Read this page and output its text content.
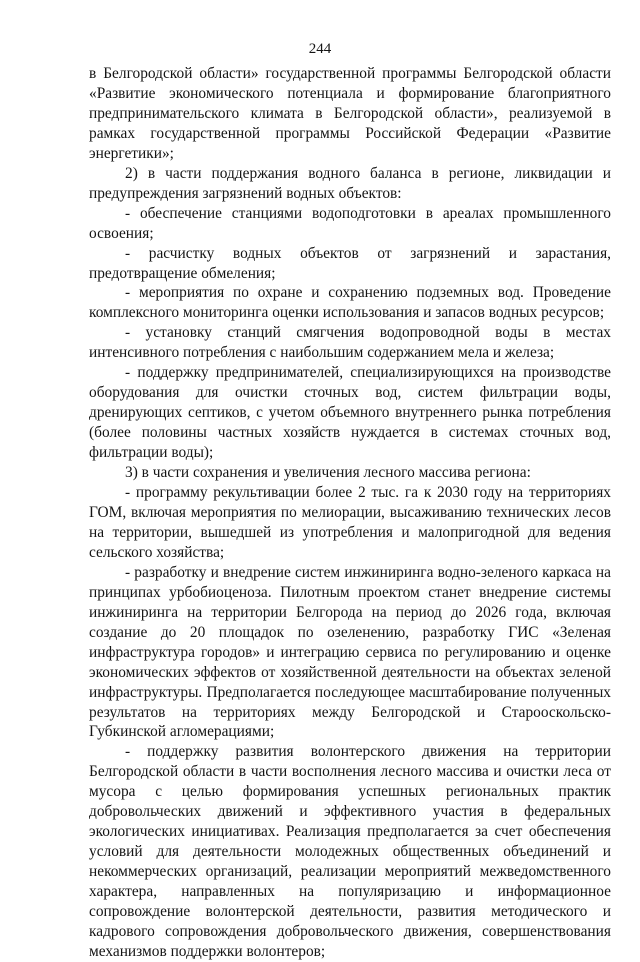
244

в Белгородской области» государственной программы Белгородской области «Развитие экономического потенциала и формирование благоприятного предпринимательского климата в Белгородской области», реализуемой в рамках государственной программы Российской Федерации «Развитие энергетики»;

2) в части поддержания водного баланса в регионе, ликвидации и предупреждения загрязнений водных объектов:

- обеспечение станциями водоподготовки в ареалах промышленного освоения;

- расчистку водных объектов от загрязнений и зарастания, предотвращение обмеления;

- мероприятия по охране и сохранению подземных вод. Проведение комплексного мониторинга оценки использования и запасов водных ресурсов;

- установку станций смягчения водопроводной воды в местах интенсивного потребления с наибольшим содержанием мела и железа;

- поддержку предпринимателей, специализирующихся на производстве оборудования для очистки сточных вод, систем фильтрации воды, дренирующих септиков, с учетом объемного внутреннего рынка потребления (более половины частных хозяйств нуждается в системах сточных вод, фильтрации воды);

3) в части сохранения и увеличения лесного массива региона:

- программу рекультивации более 2 тыс. га к 2030 году на территориях ГОМ, включая мероприятия по мелиорации, высаживанию технических лесов на территории, вышедшей из употребления и малопригодной для ведения сельского хозяйства;

- разработку и внедрение систем инжиниринга водно-зеленого каркаса на принципах урбобиоценоза. Пилотным проектом станет внедрение системы инжиниринга на территории Белгорода на период до 2026 года, включая создание до 20 площадок по озеленению, разработку ГИС «Зеленая инфраструктура городов» и интеграцию сервиса по регулированию и оценке экономических эффектов от хозяйственной деятельности на объектах зеленой инфраструктуры. Предполагается последующее масштабирование полученных результатов на территориях между Белгородской и Старооскольско-Губкинской агломерациями;

- поддержку развития волонтерского движения на территории Белгородской области в части восполнения лесного массива и очистки леса от мусора с целью формирования успешных региональных практик добровольческих движений и эффективного участия в федеральных экологических инициативах. Реализация предполагается за счет обеспечения условий для деятельности молодежных общественных объединений и некоммерческих организаций, реализации мероприятий межведомственного характера, направленных на популяризацию и информационное сопровождение волонтерской деятельности, развития методического и кадрового сопровождения добровольческого движения, совершенствования механизмов поддержки волонтеров;
